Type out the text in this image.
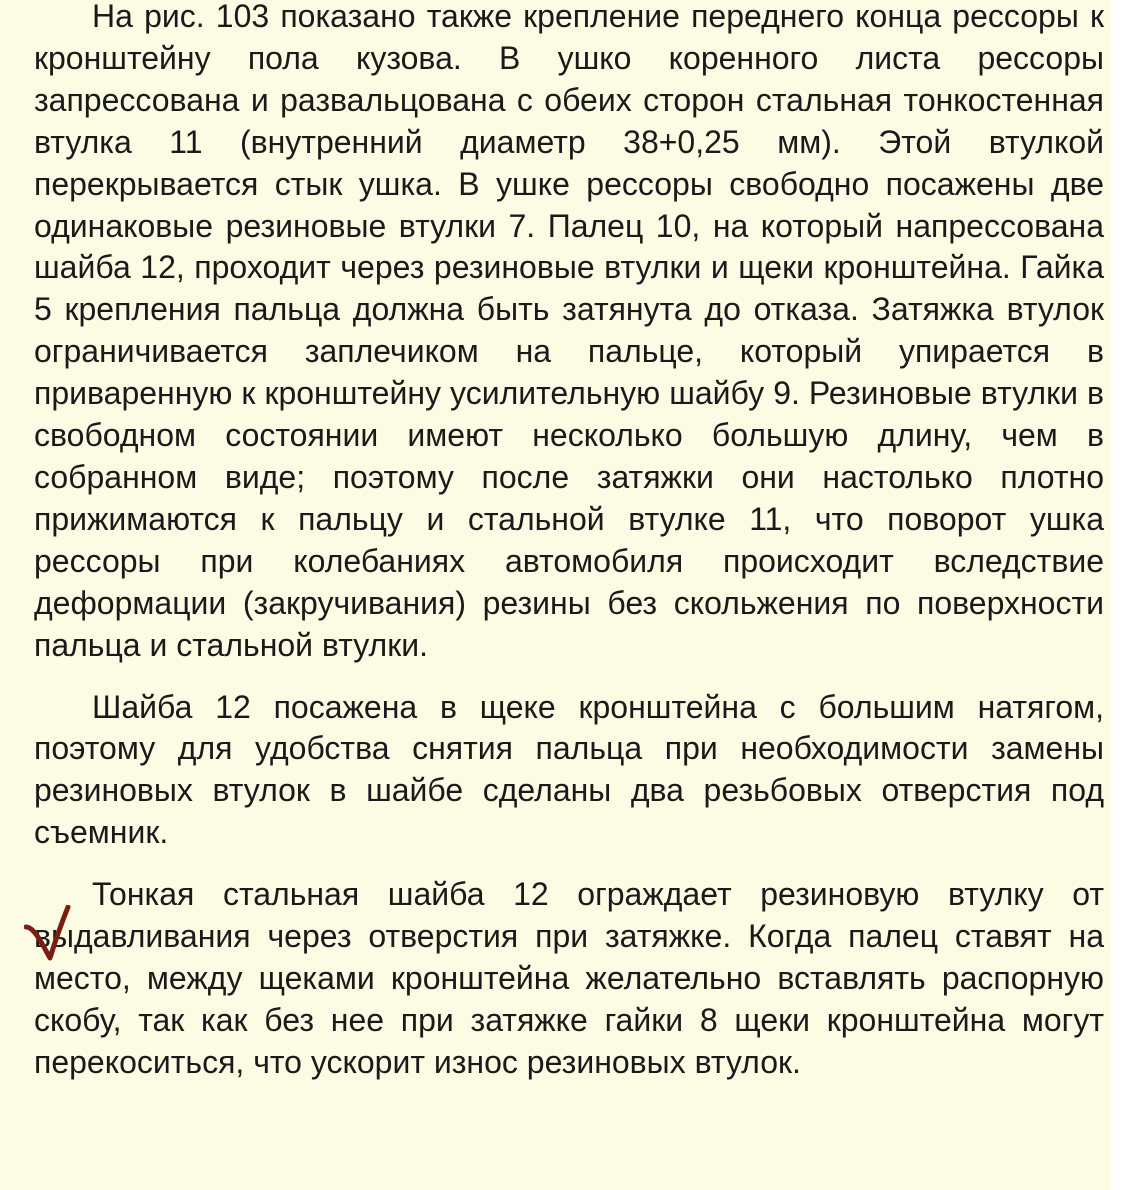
На рис. 103 показано также крепление переднего конца рессоры к кронштейну пола кузова. В ушко коренного листа рессоры запрессована и развальцована с обеих сторон стальная тонкостенная втулка 11 (внутренний диаметр 38+0,25 мм). Этой втулкой перекрывается стык ушка. В ушке рессоры свободно посажены две одинаковые резиновые втулки 7. Палец 10, на который напрессована шайба 12, проходит через резиновые втулки и щеки кронштейна. Гайка 5 крепления пальца должна быть затянута до отказа. Затяжка втулок ограничивается заплечиком на пальце, который упирается в приваренную к кронштейну усилительную шайбу 9. Резиновые втулки в свободном состоянии имеют несколько большую длину, чем в собранном виде; поэтому после затяжки они настолько плотно прижимаются к пальцу и стальной втулке 11, что поворот ушка рессоры при колебаниях автомобиля происходит вследствие деформации (закручивания) резины без скольжения по поверхности пальца и стальной втулки.

Шайба 12 посажена в щеке кронштейна с большим натягом, поэтому для удобства снятия пальца при необходимости замены резиновых втулок в шайбе сделаны два резьбовых отверстия под съемник.

Тонкая стальная шайба 12 ограждает резиновую втулку от выдавливания через отверстия при затяжке. Когда палец ставят на место, между щеками кронштейна желательно вставлять распорную скобу, так как без нее при затяжке гайки 8 щеки кронштейна могут перекоситься, что ускорит износ резиновых втулок.
